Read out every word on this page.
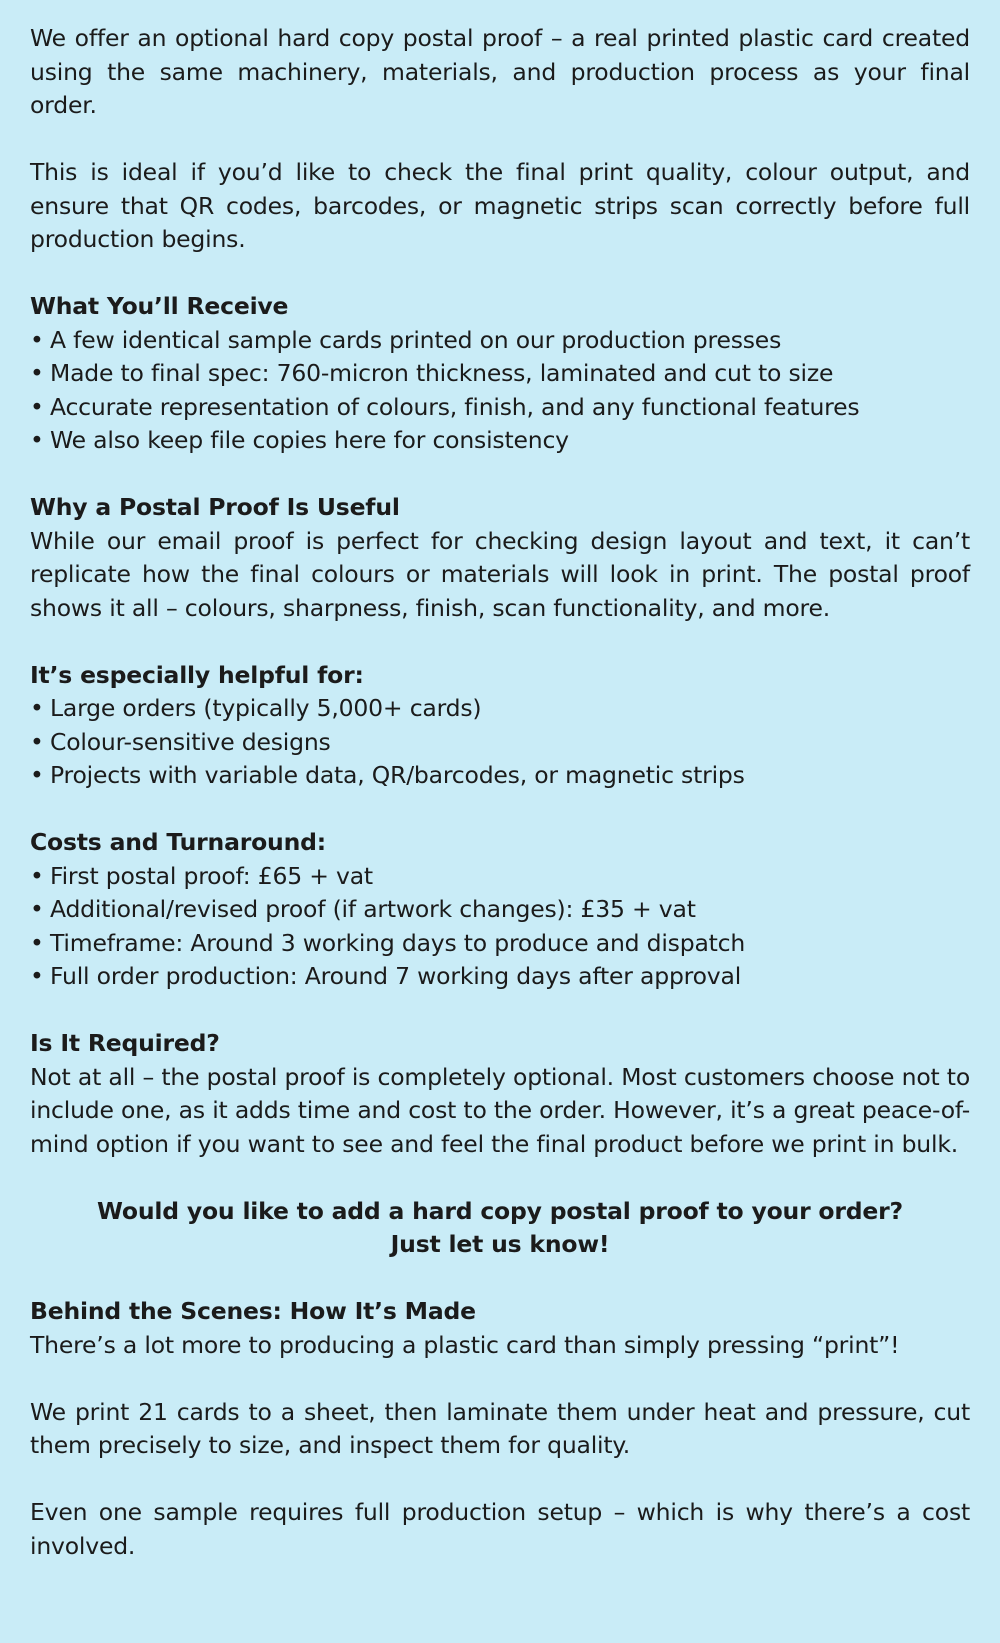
We offer an optional hard copy postal proof – a real printed plastic card created using the same machinery, materials, and production process as your final order.

This is ideal if you’d like to check the final print quality, colour output, and ensure that QR codes, barcodes, or magnetic strips scan correctly before full production begins.

What You’ll Receive
• A few identical sample cards printed on our production presses
• Made to final spec: 760-micron thickness, laminated and cut to size
• Accurate representation of colours, finish, and any functional features
• We also keep file copies here for consistency
Why a Postal Proof Is Useful

While our email proof is perfect for checking design layout and text, it can’t replicate how the final colours or materials will look in print. The postal proof shows it all – colours, sharpness, finish, scan functionality, and more.

It’s especially helpful for:
• Large orders (typically 5,000+ cards)
• Colour-sensitive designs
• Projects with variable data, QR/barcodes, or magnetic strips
Costs and Turnaround:
• First postal proof: £65 + vat
• Additional/revised proof (if artwork changes): £35 + vat
• Timeframe: Around 3 working days to produce and dispatch
• Full order production: Around 7 working days after approval
Is It Required?

Not at all – the postal proof is completely optional. Most customers choose not to include one, as it adds time and cost to the order. However, it’s a great peace-of-mind option if you want to see and feel the final product before we print in bulk.

Would you like to add a hard copy postal proof to your order?
Just let us know!
Behind the Scenes: How It’s Made

There’s a lot more to producing a plastic card than simply pressing “print”!

We print 21 cards to a sheet, then laminate them under heat and pressure, cut them precisely to size, and inspect them for quality.

Even one sample requires full production setup – which is why there’s a cost involved.
